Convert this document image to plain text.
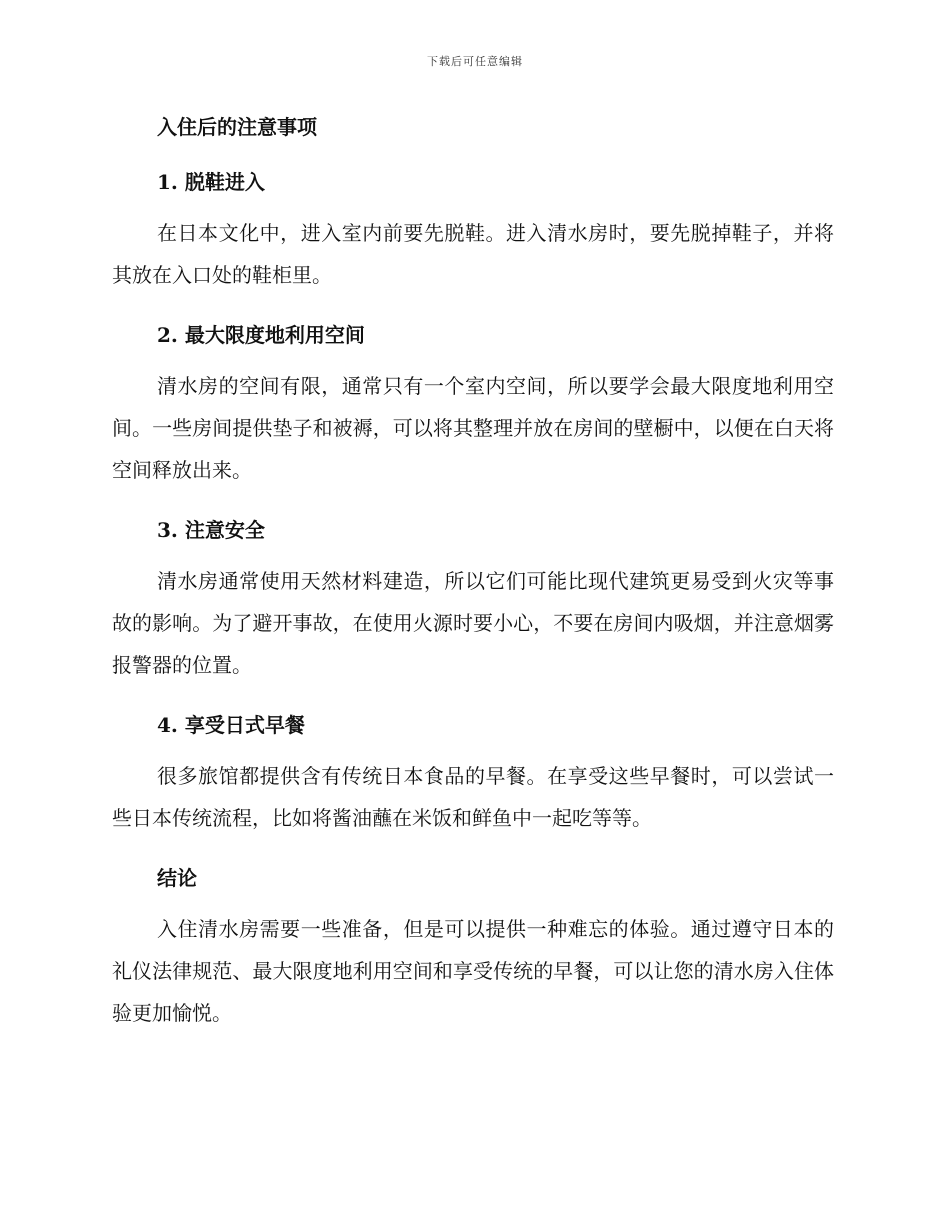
下载后可任意编辑
入住后的注意事项
1. 脱鞋进入

在日本文化中，进入室内前要先脱鞋。进入清水房时，要先脱掉鞋子，并将其放在入口处的鞋柜里。

2. 最大限度地利用空间

清水房的空间有限，通常只有一个室内空间，所以要学会最大限度地利用空间。一些房间提供垫子和被褥，可以将其整理并放在房间的壁橱中，以便在白天将空间释放出来。

3. 注意安全

清水房通常使用天然材料建造，所以它们可能比现代建筑更易受到火灾等事故的影响。为了避开事故，在使用火源时要小心，不要在房间内吸烟，并注意烟雾报警器的位置。

4. 享受日式早餐

很多旅馆都提供含有传统日本食品的早餐。在享受这些早餐时，可以尝试一些日本传统流程，比如将酱油蘸在米饭和鲜鱼中一起吃等等。

结论

入住清水房需要一些准备，但是可以提供一种难忘的体验。通过遵守日本的礼仪法律规范、最大限度地利用空间和享受传统的早餐，可以让您的清水房入住体验更加愉悦。
